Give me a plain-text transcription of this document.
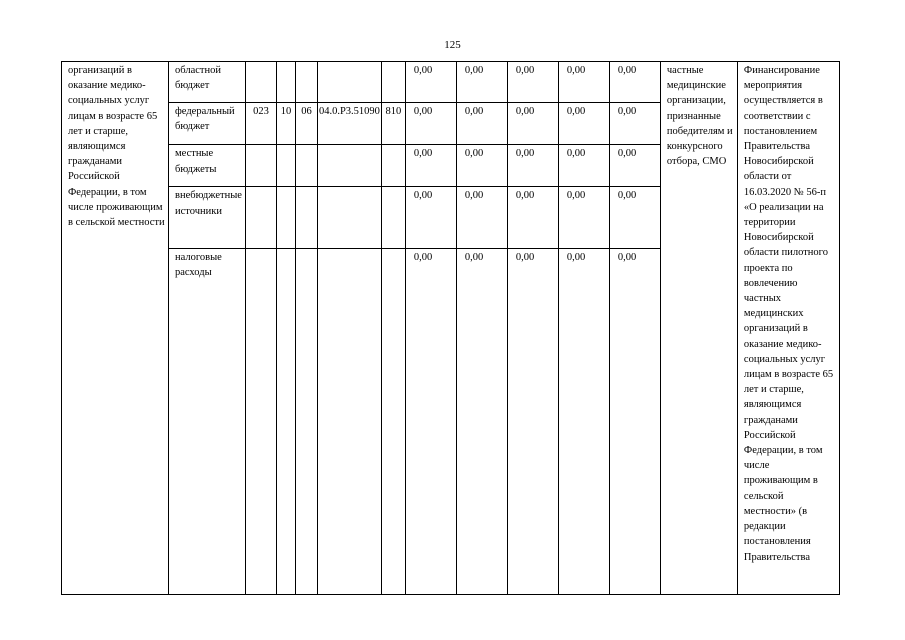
125
организаций в оказание медико-социальных услуг лицам в возрасте 65 лет и старше, являющимся гражданами Российской Федерации, в том числе проживающим в сельской местности	областной бюджет						0,00	0,00	0,00	0,00	0,00	частные медицинские организации, признанные победителям и конкурсного отбора, СМО	Финансирование мероприятия осуществляется в соответствии с постановлением Правительства Новосибирской области от 16.03.2020 № 56-п «О реализации на территории Новосибирской области пилотного проекта по вовлечению частных медицинских организаций в оказание медико-социальных услуг лицам в возрасте 65 лет и старше, являющимся гражданами Российской Федерации, в том числе проживающим в сельской местности» (в редакции постановления Правительства
	федеральный бюджет	023	10	06	04.0.P3.51090	810	0,00	0,00	0,00	0,00	0,00		
	местные бюджеты						0,00	0,00	0,00	0,00	0,00		
	внебюджетные источники						0,00	0,00	0,00	0,00	0,00		
	налоговые расходы						0,00	0,00	0,00	0,00	0,00		
